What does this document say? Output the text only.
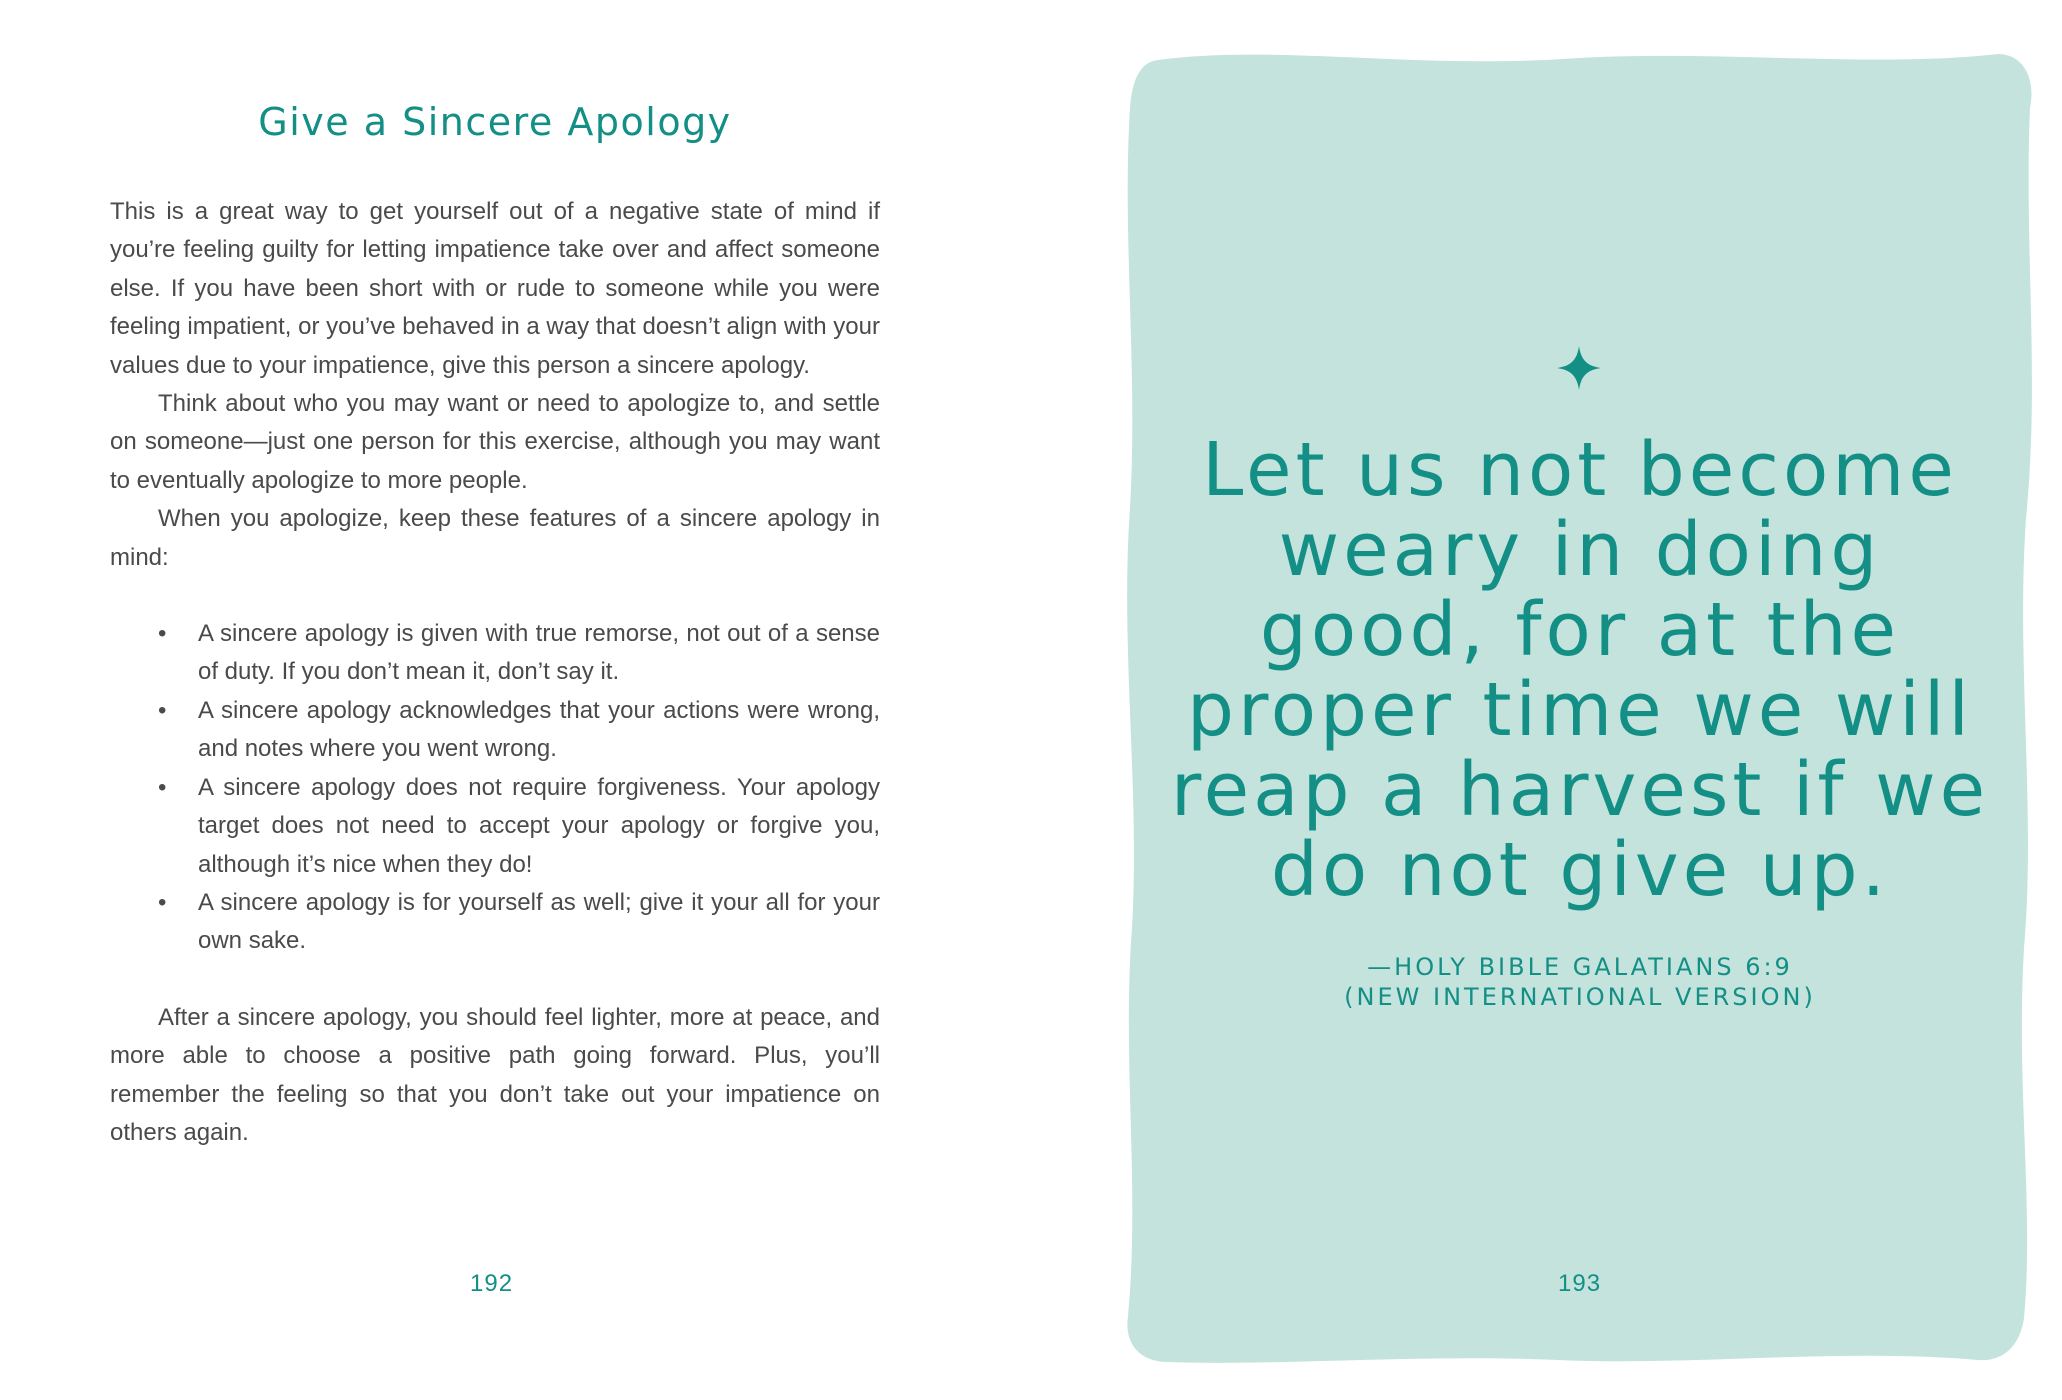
Give a Sincere Apology

This is a great way to get yourself out of a negative state of mind if you’re feeling guilty for letting impatience take over and affect someone else. If you have been short with or rude to someone while you were feeling impatient, or you’ve behaved in a way that doesn’t align with your values due to your impatience, give this person a sincere apology.

Think about who you may want or need to apologize to, and settle on someone—just one person for this exercise, although you may want to eventually apologize to more people.

When you apologize, keep these features of a sincere apology in mind:

• A sincere apology is given with true remorse, not out of a sense of duty. If you don’t mean it, don’t say it.
• A sincere apology acknowledges that your actions were wrong, and notes where you went wrong.
• A sincere apology does not require forgiveness. Your apology target does not need to accept your apology or forgive you, although it’s nice when they do!
• A sincere apology is for yourself as well; give it your all for your own sake.

After a sincere apology, you should feel lighter, more at peace, and more able to choose a positive path going forward. Plus, you’ll remember the feeling so that you don’t take out your impatience on others again.

192
Let us not become
weary in doing
good, for at the
proper time we will
reap a harvest if we
do not give up.
—HOLY BIBLE GALATIANS 6:9
(NEW INTERNATIONAL VERSION)
193
